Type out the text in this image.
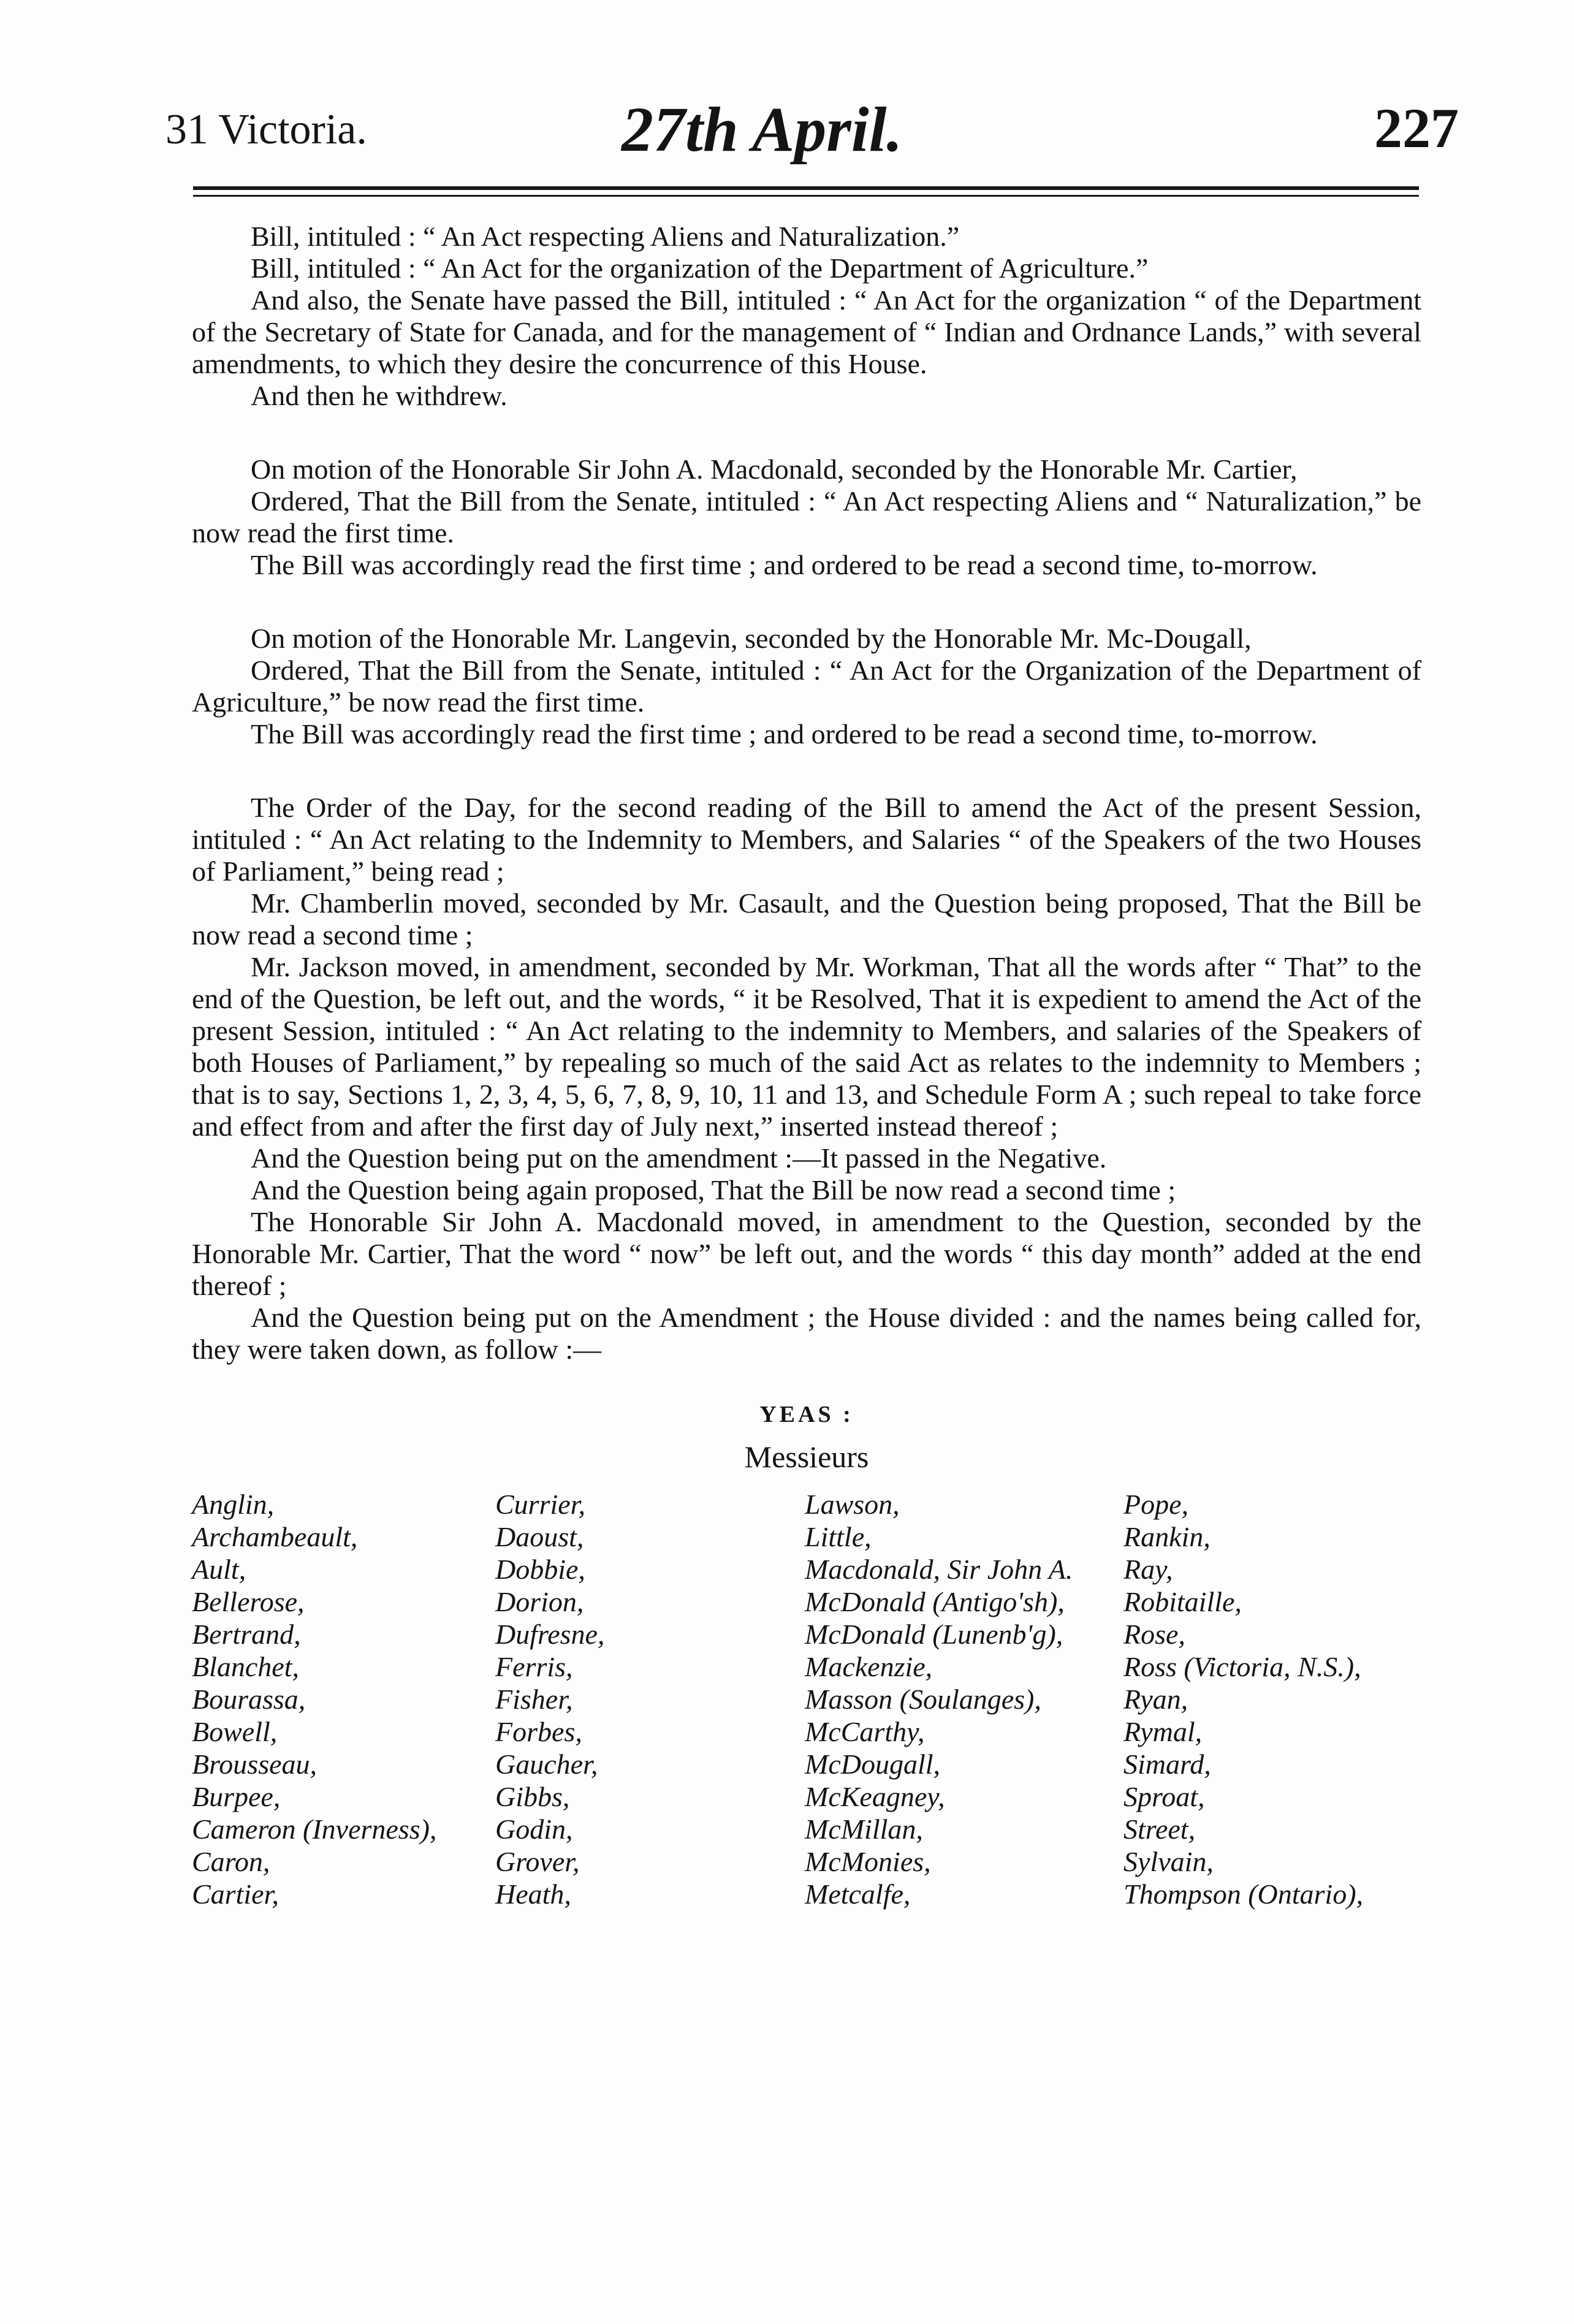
31 Victoria.	27th April.	227

Bill, intituled : “ An Act respecting Aliens and Naturalization.”

Bill, intituled : “ An Act for the organization of the Department of Agriculture.”

And also, the Senate have passed the Bill, intituled : “ An Act for the organization “ of the Department of the Secretary of State for Canada, and for the management of “ Indian and Ordnance Lands,” with several amendments, to which they desire the concurrence of this House.

And then he withdrew.

On motion of the Honorable Sir John A. Macdonald, seconded by the Honorable Mr. Cartier,

Ordered, That the Bill from the Senate, intituled : “ An Act respecting Aliens and “ Naturalization,” be now read the first time.

The Bill was accordingly read the first time ; and ordered to be read a second time, to-morrow.

On motion of the Honorable Mr. Langevin, seconded by the Honorable Mr. Mc-Dougall,

Ordered, That the Bill from the Senate, intituled : “ An Act for the Organization of the Department of Agriculture,” be now read the first time.

The Bill was accordingly read the first time ; and ordered to be read a second time, to-morrow.

The Order of the Day, for the second reading of the Bill to amend the Act of the present Session, intituled : “ An Act relating to the Indemnity to Members, and Salaries “ of the Speakers of the two Houses of Parliament,” being read ;

Mr. Chamberlin moved, seconded by Mr. Casault, and the Question being proposed, That the Bill be now read a second time ;

Mr. Jackson moved, in amendment, seconded by Mr. Workman, That all the words after “ That” to the end of the Question, be left out, and the words, “ it be Resolved, That it is expedient to amend the Act of the present Session, intituled : “ An Act relating to the indemnity to Members, and salaries of the Speakers of both Houses of Parliament,” by repealing so much of the said Act as relates to the indemnity to Members ; that is to say, Sections 1, 2, 3, 4, 5, 6, 7, 8, 9, 10, 11 and 13, and Schedule Form A ; such repeal to take force and effect from and after the first day of July next,” inserted instead thereof ;

And the Question being put on the amendment :—It passed in the Negative.

And the Question being again proposed, That the Bill be now read a second time ;

The Honorable Sir John A. Macdonald moved, in amendment to the Question, seconded by the Honorable Mr. Cartier, That the word “ now” be left out, and the words “ this day month” added at the end thereof ;

And the Question being put on the Amendment ; the House divided : and the names being called for, they were taken down, as follow :—

YEAS :
Messieurs
Anglin,
Archambeault,
Ault,
Bellerose,
Bertrand,
Blanchet,
Bourassa,
Bowell,
Brousseau,
Burpee,
Cameron (Inverness),
Caron,
Cartier,
Currier,
Daoust,
Dobbie,
Dorion,
Dufresne,
Ferris,
Fisher,
Forbes,
Gaucher,
Gibbs,
Godin,
Grover,
Heath,
Lawson,
Little,
Macdonald, Sir John A.
McDonald (Antigo'sh),
McDonald (Lunenb'g),
Mackenzie,
Masson (Soulanges),
McCarthy,
McDougall,
McKeagney,
McMillan,
McMonies,
Metcalfe,
Pope,
Rankin,
Ray,
Robitaille,
Rose,
Ross (Victoria, N.S.),
Ryan,
Rymal,
Simard,
Sproat,
Street,
Sylvain,
Thompson (Ontario),
